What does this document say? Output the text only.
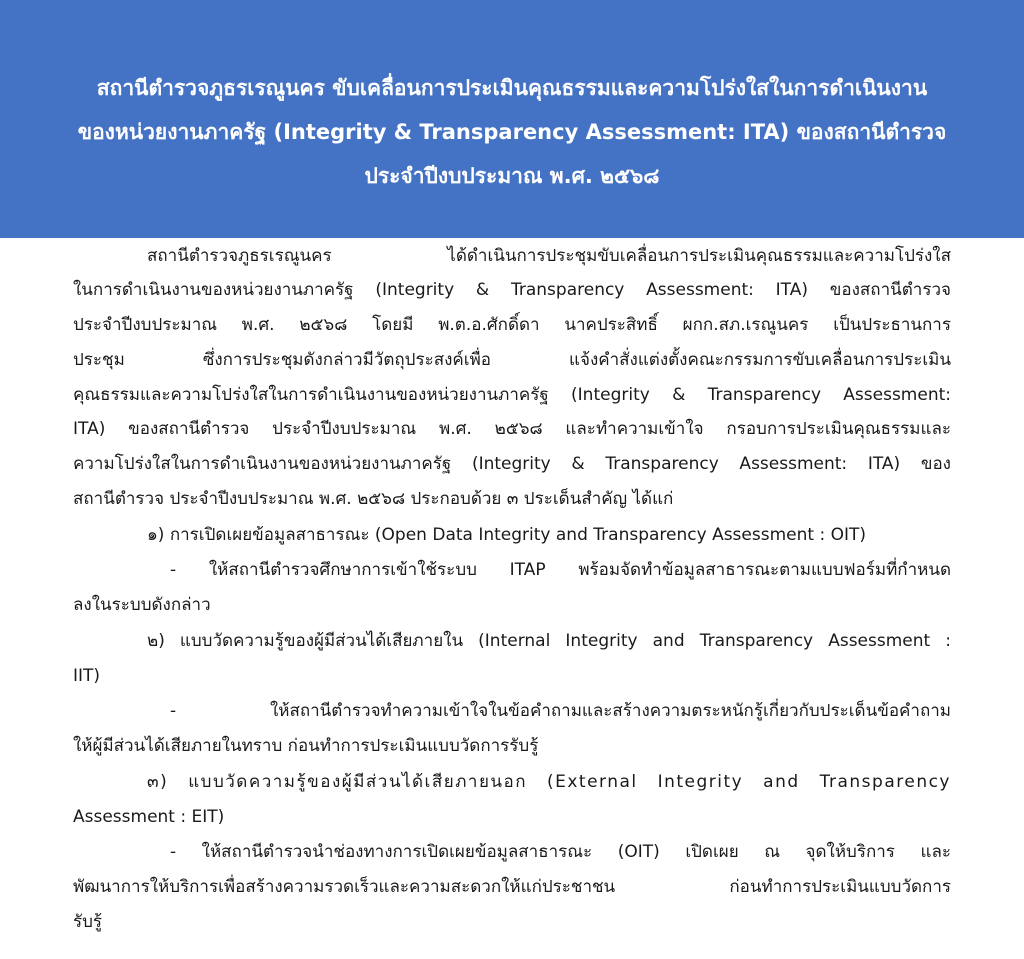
สถานีตำรวจภูธรเรณูนคร ขับเคลื่อนการประเมินคุณธรรมและความโปร่งใสในการดำเนินงาน
ของหน่วยงานภาครัฐ (Integrity & Transparency Assessment: ITA) ของสถานีตำรวจ
ประจำปีงบประมาณ พ.ศ. ๒๕๖๘
สถานีตำรวจภูธรเรณูนคร ได้ดำเนินการประชุมขับเคลื่อนการประเมินคุณธรรมและความโปร่งใส
ในการดำเนินงานของหน่วยงานภาครัฐ (Integrity & Transparency Assessment: ITA) ของสถานีตำรวจ
ประจำปีงบประมาณ พ.ศ. ๒๕๖๘ โดยมี พ.ต.อ.ศักดิ์ดา นาคประสิทธิ์ ผกก.สภ.เรณูนคร เป็นประธานการ
ประชุม ซึ่งการประชุมดังกล่าวมีวัตถุประสงค์เพื่อ แจ้งคำสั่งแต่งตั้งคณะกรรมการขับเคลื่อนการประเมิน
คุณธรรมและความโปร่งใสในการดำเนินงานของหน่วยงานภาครัฐ (Integrity & Transparency Assessment:
ITA) ของสถานีตำรวจ ประจำปีงบประมาณ พ.ศ. ๒๕๖๘ และทำความเข้าใจ กรอบการประเมินคุณธรรมและ
ความโปร่งใสในการดำเนินงานของหน่วยงานภาครัฐ (Integrity & Transparency Assessment: ITA) ของ
สถานีตำรวจ ประจำปีงบประมาณ พ.ศ. ๒๕๖๘ ประกอบด้วย ๓ ประเด็นสำคัญ ได้แก่
๑) การเปิดเผยข้อมูลสาธารณะ (Open Data Integrity and Transparency Assessment : OIT)
- ให้สถานีตำรวจศึกษาการเข้าใช้ระบบ ITAP พร้อมจัดทำข้อมูลสาธารณะตามแบบฟอร์มที่กำหนด
ลงในระบบดังกล่าว
๒) แบบวัดความรู้ของผู้มีส่วนได้เสียภายใน (Internal Integrity and Transparency Assessment :
IIT)
- ให้สถานีตำรวจทำความเข้าใจในข้อคำถามและสร้างความตระหนักรู้เกี่ยวกับประเด็นข้อคำถาม
ให้ผู้มีส่วนได้เสียภายในทราบ ก่อนทำการประเมินแบบวัดการรับรู้
๓) แบบวัดความรู้ของผู้มีส่วนได้เสียภายนอก (External Integrity and Transparency
Assessment : EIT)
- ให้สถานีตำรวจนำช่องทางการเปิดเผยข้อมูลสาธารณะ (OIT) เปิดเผย ณ จุดให้บริการ และ
พัฒนาการให้บริการเพื่อสร้างความรวดเร็วและความสะดวกให้แก่ประชาชน ก่อนทำการประเมินแบบวัดการ
รับรู้
